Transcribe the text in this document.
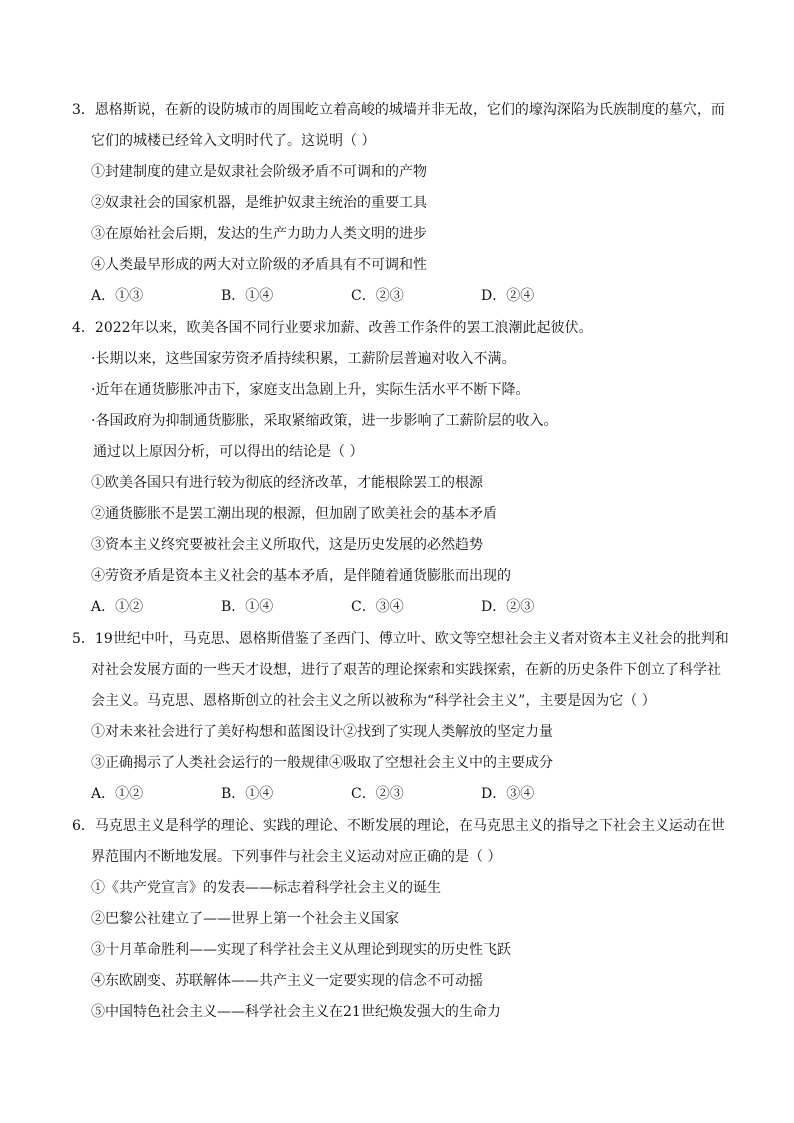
3．恩格斯说，在新的设防城市的周围屹立着高峻的城墙并非无故，它们的壕沟深陷为氏族制度的墓穴，而
它们的城楼已经耸入文明时代了。这说明（ ）
①封建制度的建立是奴隶社会阶级矛盾不可调和的产物
②奴隶社会的国家机器，是维护奴隶主统治的重要工具
③在原始社会后期，发达的生产力助力人类文明的进步
④人类最早形成的两大对立阶级的矛盾具有不可调和性
A．①③	B．①④	C．②③	D．②④
4．2022年以来，欧美各国不同行业要求加薪、改善工作条件的罢工浪潮此起彼伏。
·长期以来，这些国家劳资矛盾持续积累，工薪阶层普遍对收入不满。
·近年在通货膨胀冲击下，家庭支出急剧上升，实际生活水平不断下降。
·各国政府为抑制通货膨胀，采取紧缩政策，进一步影响了工薪阶层的收入。
通过以上原因分析，可以得出的结论是（ ）
①欧美各国只有进行较为彻底的经济改革，才能根除罢工的根源
②通货膨胀不是罢工潮出现的根源，但加剧了欧美社会的基本矛盾
③资本主义终究要被社会主义所取代，这是历史发展的必然趋势
④劳资矛盾是资本主义社会的基本矛盾，是伴随着通货膨胀而出现的
A．①②	B．①④	C．③④	D．②③
5．19世纪中叶，马克思、恩格斯借鉴了圣西门、傅立叶、欧文等空想社会主义者对资本主义社会的批判和
对社会发展方面的一些天才设想，进行了艰苦的理论探索和实践探索，在新的历史条件下创立了科学社
会主义。马克思、恩格斯创立的社会主义之所以被称为“科学社会主义”，主要是因为它（ ）
①对未来社会进行了美好构想和蓝图设计②找到了实现人类解放的坚定力量
③正确揭示了人类社会运行的一般规律④吸取了空想社会主义中的主要成分
A．①②	B．①④	C．②③	D．③④
6．马克思主义是科学的理论、实践的理论、不断发展的理论，在马克思主义的指导之下社会主义运动在世
界范围内不断地发展。下列事件与社会主义运动对应正确的是（ ）
①《共产党宣言》的发表——标志着科学社会主义的诞生
②巴黎公社建立了——世界上第一个社会主义国家
③十月革命胜利——实现了科学社会主义从理论到现实的历史性飞跃
④东欧剧变、苏联解体——共产主义一定要实现的信念不可动摇
⑤中国特色社会主义——科学社会主义在21世纪焕发强大的生命力
